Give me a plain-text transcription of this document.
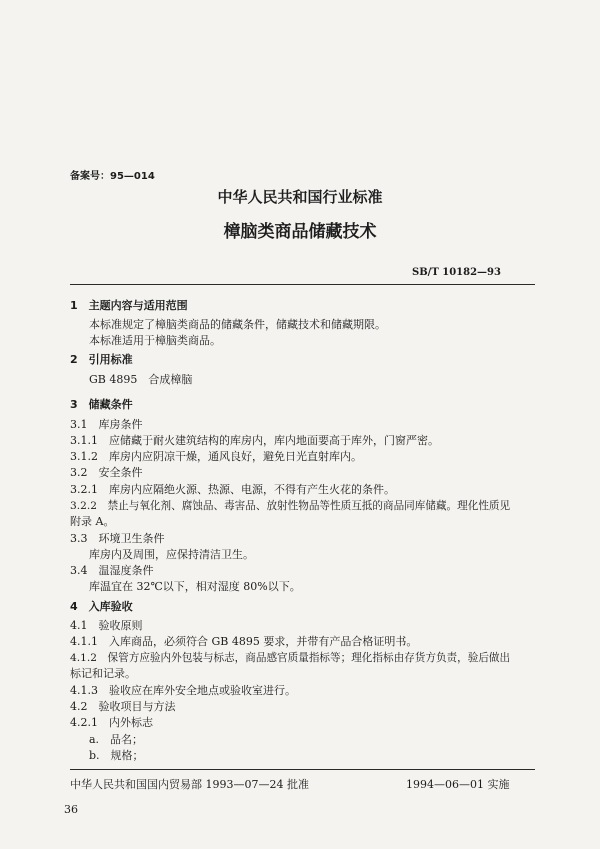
备案号：95—014
中华人民共和国行业标准
樟脑类商品储藏技术
SB/T 10182—93
1　主题内容与适用范围
本标准规定了樟脑类商品的储藏条件，储藏技术和储藏期限。
本标准适用于樟脑类商品。
2　引用标准
GB 4895　合成樟脑
3　储藏条件
3.1　库房条件
3.1.1　应储藏于耐火建筑结构的库房内，库内地面要高于库外，门窗严密。
3.1.2　库房内应阴凉干燥，通风良好，避免日光直射库内。
3.2　安全条件
3.2.1　库房内应隔绝火源、热源、电源，不得有产生火花的条件。
3.2.2　禁止与氧化剂、腐蚀品、毒害品、放射性物品等性质互抵的商品同库储藏。理化性质见
附录 A。
3.3　环境卫生条件
库房内及周围，应保持清洁卫生。
3.4　温湿度条件
库温宜在 32℃以下，相对湿度 80%以下。
4　入库验收
4.1　验收原则
4.1.1　入库商品，必须符合 GB 4895 要求，并带有产品合格证明书。
4.1.2　保管方应验内外包装与标志，商品感官质量指标等；理化指标由存货方负责，验后做出
标记和记录。
4.1.3　验收应在库外安全地点或验收室进行。
4.2　验收项目与方法
4.2.1　内外标志
a.　品名；
b.　规格；
中华人民共和国国内贸易部 1993—07—24 批准	1994—06—01 实施
36
